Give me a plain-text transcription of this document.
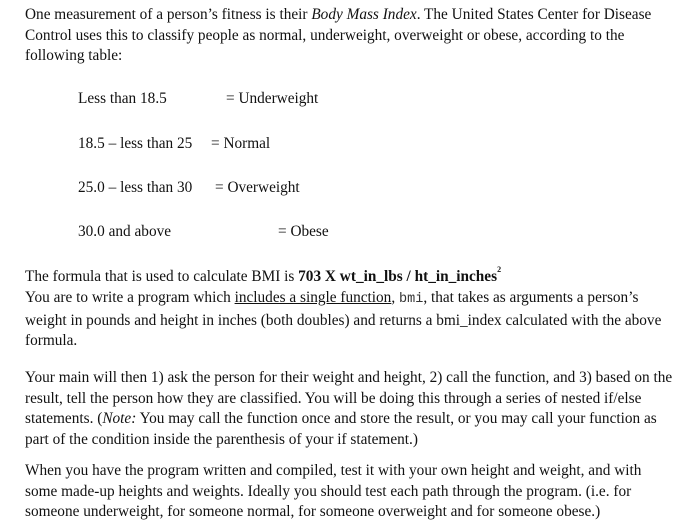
One measurement of a person’s fitness is their Body Mass Index. The United States Center for Disease
Control uses this to classify people as normal, underweight, overweight or obese, according to the
following table:
Less than 18.5	= Underweight
18.5 – less than 25 = Normal
25.0 – less than 30 = Overweight
30.0 and above	= Obese
The formula that is used to calculate BMI is 703 X wt_in_lbs / ht_in_inches$^2$
You are to write a program which includes a single function, bmi, that takes as arguments a person’s
weight in pounds and height in inches (both doubles) and returns a bmi_index calculated with the above
formula.
Your main will then 1) ask the person for their weight and height, 2) call the function, and 3) based on the
result, tell the person how they are classified. You will be doing this through a series of nested if/else
statements. (Note: You may call the function once and store the result, or you may call your function as
part of the condition inside the parenthesis of your if statement.)
When you have the program written and compiled, test it with your own height and weight, and with
some made-up heights and weights. Ideally you should test each path through the program. (i.e. for
someone underweight, for someone normal, for someone overweight and for someone obese.)
